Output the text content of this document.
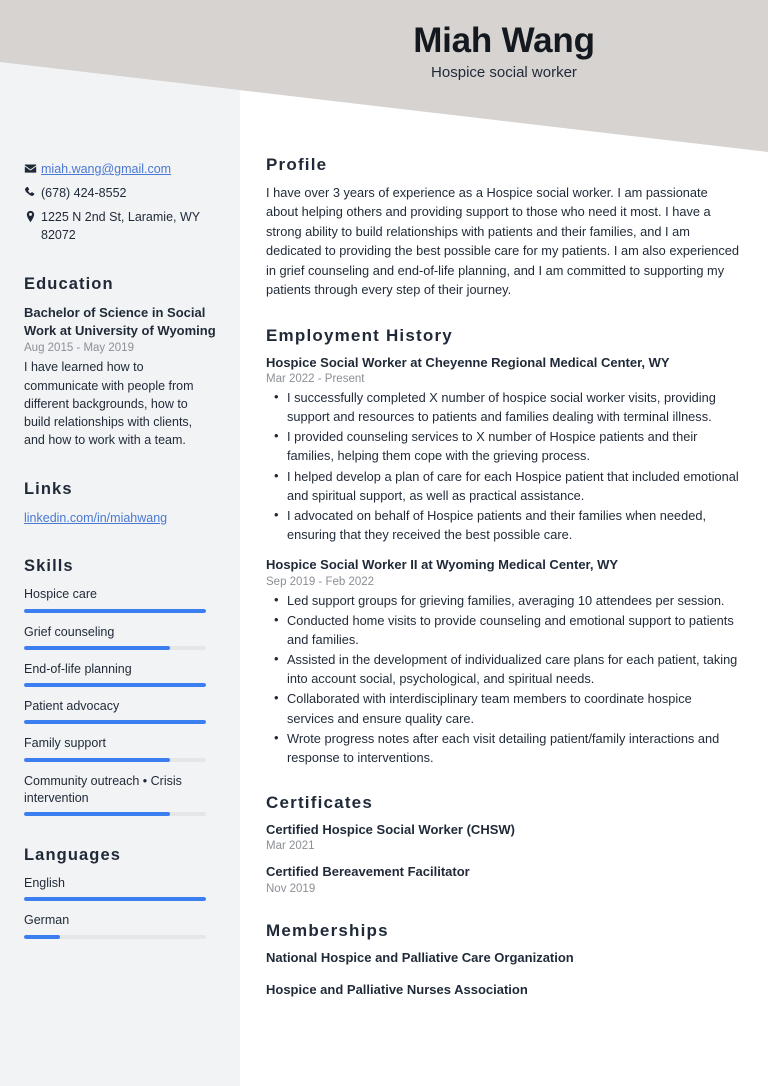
Miah Wang
Hospice social worker
miah.wang@gmail.com
(678) 424-8552
1225 N 2nd St, Laramie, WY 82072
Education
Bachelor of Science in Social Work at University of Wyoming
Aug 2015 - May 2019
I have learned how to communicate with people from different backgrounds, how to build relationships with clients, and how to work with a team.
Links
linkedin.com/in/miahwang
Skills
Hospice care
Grief counseling
End-of-life planning
Patient advocacy
Family support
Community outreach • Crisis intervention
Languages
English
German
Profile
I have over 3 years of experience as a Hospice social worker. I am passionate about helping others and providing support to those who need it most. I have a strong ability to build relationships with patients and their families, and I am dedicated to providing the best possible care for my patients. I am also experienced in grief counseling and end-of-life planning, and I am committed to supporting my patients through every step of their journey.
Employment History
Hospice Social Worker at Cheyenne Regional Medical Center, WY
Mar 2022 - Present
• I successfully completed X number of hospice social worker visits, providing support and resources to patients and families dealing with terminal illness.
• I provided counseling services to X number of Hospice patients and their families, helping them cope with the grieving process.
• I helped develop a plan of care for each Hospice patient that included emotional and spiritual support, as well as practical assistance.
• I advocated on behalf of Hospice patients and their families when needed, ensuring that they received the best possible care.
Hospice Social Worker II at Wyoming Medical Center, WY
Sep 2019 - Feb 2022
• Led support groups for grieving families, averaging 10 attendees per session.
• Conducted home visits to provide counseling and emotional support to patients and families.
• Assisted in the development of individualized care plans for each patient, taking into account social, psychological, and spiritual needs.
• Collaborated with interdisciplinary team members to coordinate hospice services and ensure quality care.
• Wrote progress notes after each visit detailing patient/family interactions and response to interventions.
Certificates
Certified Hospice Social Worker (CHSW)
Mar 2021
Certified Bereavement Facilitator
Nov 2019
Memberships
National Hospice and Palliative Care Organization
Hospice and Palliative Nurses Association
